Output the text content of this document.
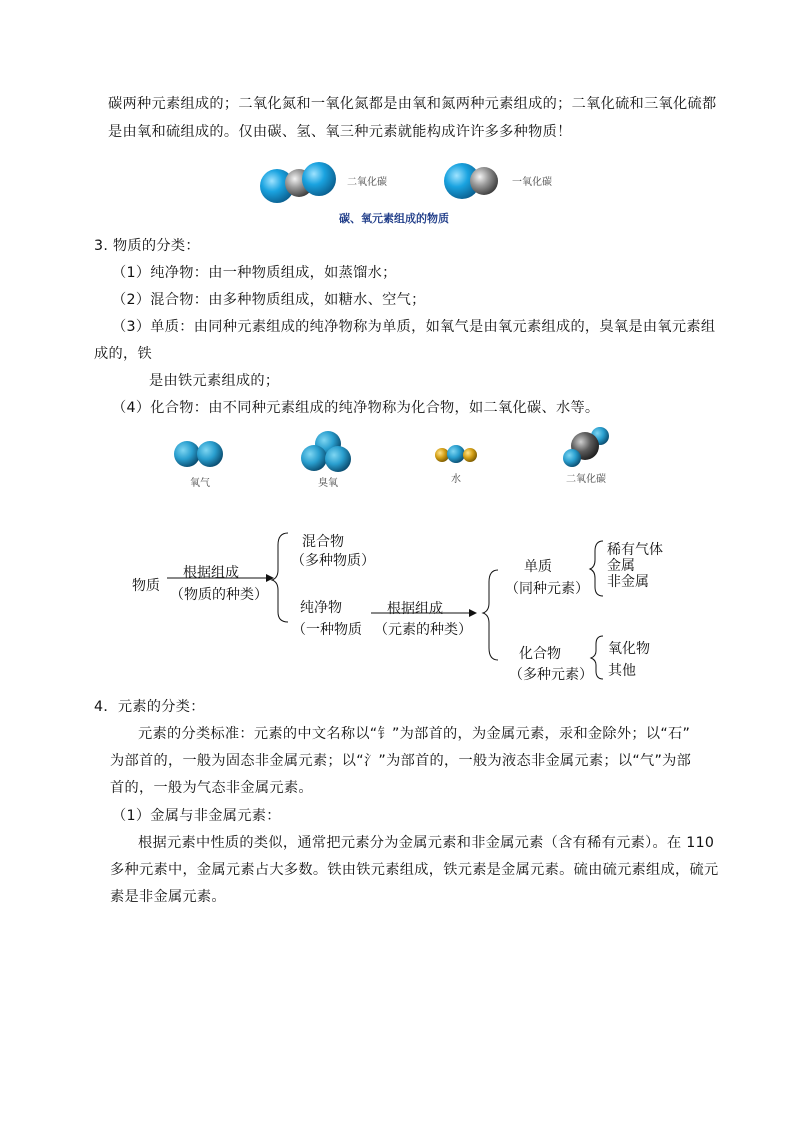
碳两种元素组成的；二氧化氮和一氧化氮都是由氧和氮两种元素组成的；二氧化硫和三氧化硫都
是由氧和硫组成的。仅由碳、氢、氧三种元素就能构成许许多多种物质！
二氧化碳	一氧化碳
碳、氧元素组成的物质
3. 物质的分类：
（1）纯净物：由一种物质组成，如蒸馏水；
（2）混合物：由多种物质组成，如糖水、空气；
（3）单质：由同种元素组成的纯净物称为单质，如氧气是由氧元素组成的，臭氧是由氧元素组
成的，铁
是由铁元素组成的；
（4）化合物：由不同种元素组成的纯净物称为化合物，如二氧化碳、水等。
氧气	臭氧	水	二氧化碳
物质
根据组成
（物质的种类）
混合物
（多种物质）
纯净物
（一种物质
根据组成
（元素的种类）
单质
（同种元素）
化合物
（多种元素）
稀有气体
金属
非金属
氧化物
其他
4．元素的分类：
元素的分类标准：元素的中文名称以“钅”为部首的，为金属元素，汞和金除外；以“石”
为部首的，一般为固态非金属元素；以“氵”为部首的，一般为液态非金属元素；以“气”为部
首的，一般为气态非金属元素。
（1）金属与非金属元素：
根据元素中性质的类似，通常把元素分为金属元素和非金属元素（含有稀有元素）。在 110
多种元素中，金属元素占大多数。铁由铁元素组成，铁元素是金属元素。硫由硫元素组成，硫元
素是非金属元素。
